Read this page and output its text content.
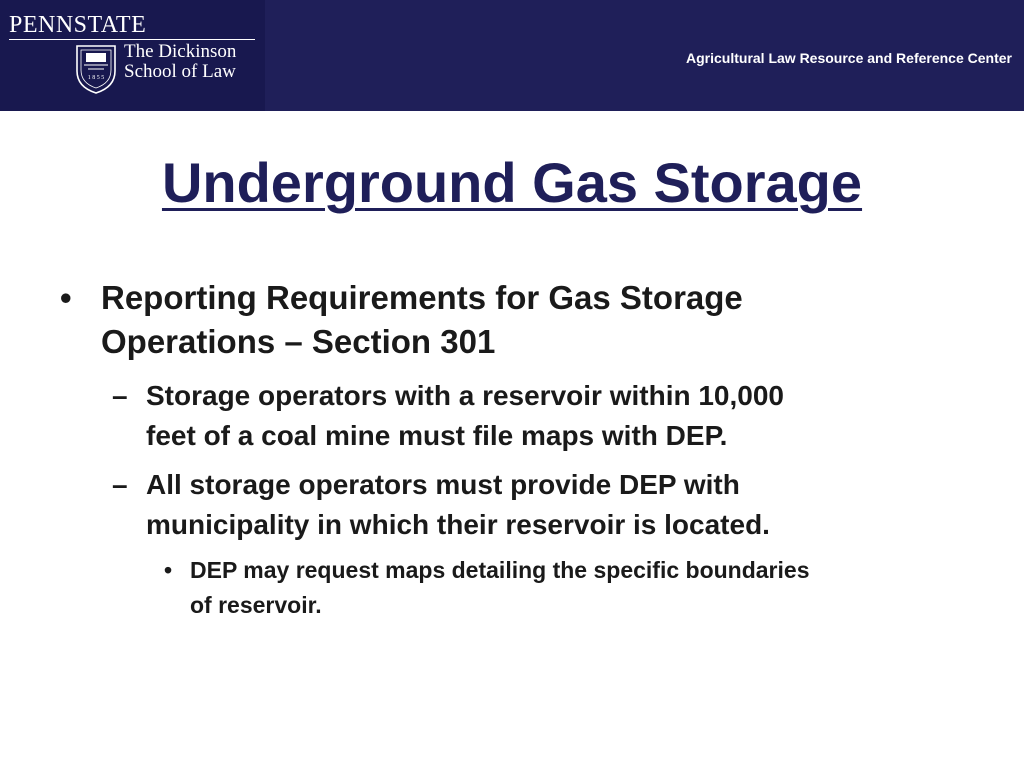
PENNSTATE
1 8 5 5
The Dickinson
School of Law
Agricultural Law Resource and Reference Center
Underground Gas Storage
• Reporting Requirements for Gas Storage
Operations – Section 301
– Storage operators with a reservoir within 10,000
feet of a coal mine must file maps with DEP.
– All storage operators must provide DEP with
municipality in which their reservoir is located.
• DEP may request maps detailing the specific boundaries
of reservoir.
